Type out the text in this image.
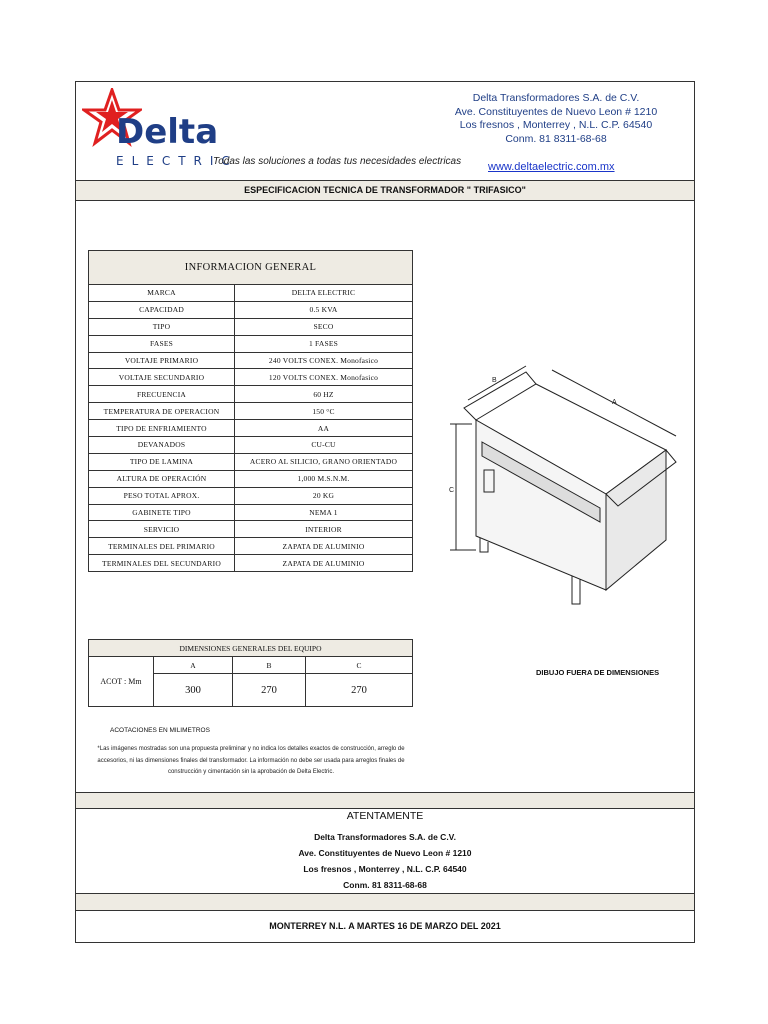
Delta
ELECTRIC
Todas las soluciones a todas tus necesidades electricas
Delta Transformadores S.A. de C.V.
Ave. Constituyentes de Nuevo Leon # 1210
Los fresnos , Monterrey , N.L. C.P. 64540
Conm. 81 8311-68-68
www.deltaelectric.com.mx
ESPECIFICACION TECNICA DE TRANSFORMADOR " TRIFASICO"
INFORMACION GENERAL	
MARCA	DELTA ELECTRIC
CAPACIDAD	0.5 KVA
TIPO	SECO
FASES	1 FASES
VOLTAJE PRIMARIO	240 VOLTS CONEX. Monofasico
VOLTAJE SECUNDARIO	120 VOLTS CONEX. Monofasico
FRECUENCIA	60 HZ
TEMPERATURA DE OPERACION	150 °C
TIPO DE ENFRIAMIENTO	AA
DEVANADOS	CU-CU
TIPO DE LAMINA	ACERO AL SILICIO, GRANO ORIENTADO
ALTURA DE OPERACIÓN	1,000 M.S.N.M.
PESO TOTAL APROX.	20 KG
GABINETE TIPO	NEMA 1
SERVICIO	INTERIOR
TERMINALES DEL PRIMARIO	ZAPATA DE ALUMINIO
TERMINALES DEL SECUNDARIO	ZAPATA DE ALUMINIO
C
B
A
DIBUJO FUERA DE DIMENSIONES
DIMENSIONES GENERALES DEL EQUIPO			
ACOT : Mm	A	B	C
	300	270	270
ACOTACIONES EN MILIMETROS
*Las imágenes mostradas son una propuesta preliminar y no indica los detalles exactos de construcción, arreglo de accesorios, ni las dimensiones finales del transformador. La información no debe ser usada para arreglos finales de construcción y cimentación sin la aprobación de Delta Electric.
ATENTAMENTE
Delta Transformadores S.A. de C.V.
Ave. Constituyentes de Nuevo Leon # 1210
Los fresnos , Monterrey , N.L. C.P. 64540
Conm. 81 8311-68-68
MONTERREY N.L. A MARTES 16 DE MARZO DEL 2021
